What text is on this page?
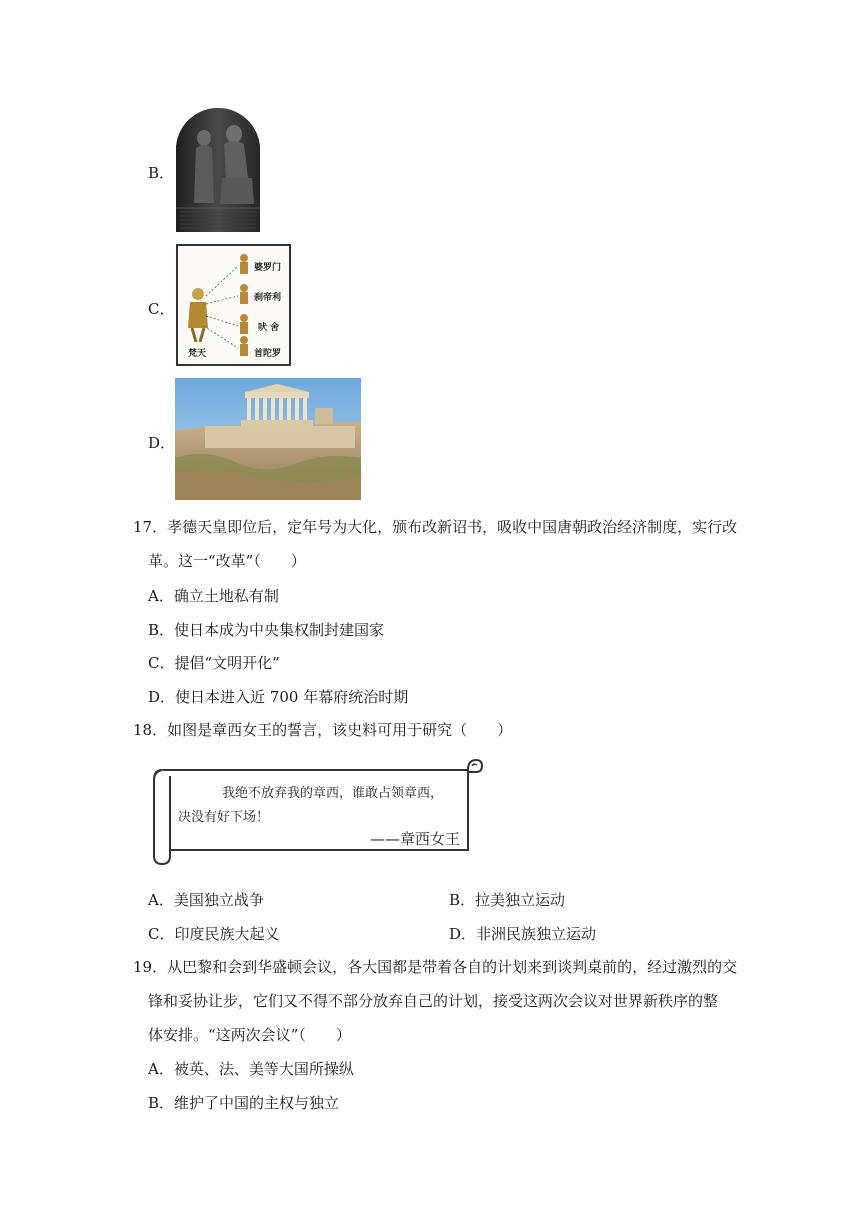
B．
C．
婆罗门
刹帝利
吠 舍
首陀罗
梵天
D．
17．孝德天皇即位后，定年号为大化，颁布改新诏书，吸收中国唐朝政治经济制度，实行改
革。这一“改革”（　　）
A．确立土地私有制
B．使日本成为中央集权制封建国家
C．提倡“文明开化”
D．使日本进入近 700 年幕府统治时期
18．如图是章西女王的誓言，该史料可用于研究（　　）
我绝不放弃我的章西，谁敢占领章西，
决没有好下场！
——章西女王
A．美国独立战争	B．拉美独立运动
C．印度民族大起义	D．非洲民族独立运动
19．从巴黎和会到华盛顿会议，各大国都是带着各自的计划来到谈判桌前的，经过激烈的交
锋和妥协让步，它们又不得不部分放弃自己的计划，接受这两次会议对世界新秩序的整
体安排。“这两次会议”（　　）
A．被英、法、美等大国所操纵
B．维护了中国的主权与独立
